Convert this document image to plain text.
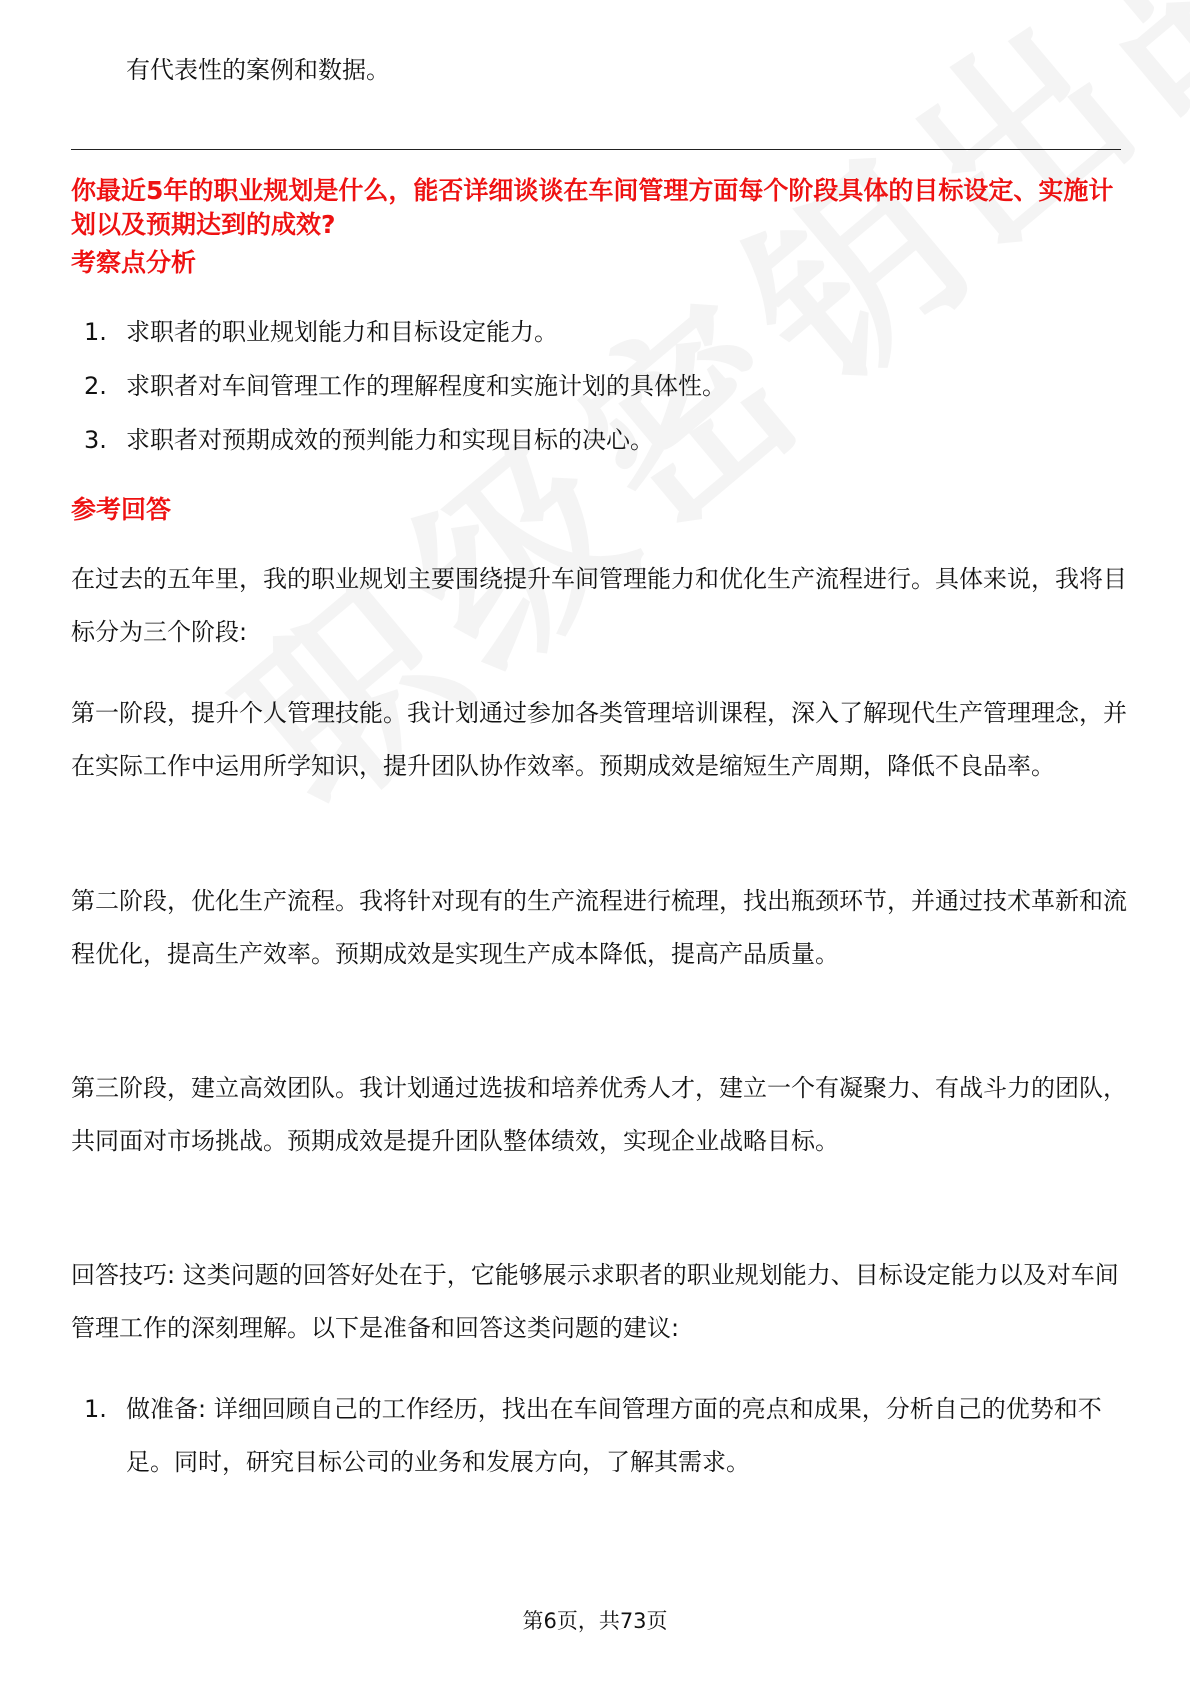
有代表性的案例和数据。
你最近5年的职业规划是什么，能否详细谈谈在车间管理方面每个阶段具体的目标设定、实施计划以及预期达到的成效?
考察点分析
1. 求职者的职业规划能力和目标设定能力。
2. 求职者对车间管理工作的理解程度和实施计划的具体性。
3. 求职者对预期成效的预判能力和实现目标的决心。
参考回答
在过去的五年里，我的职业规划主要围绕提升车间管理能力和优化生产流程进行。具体来说，我将目标分为三个阶段:
第一阶段，提升个人管理技能。我计划通过参加各类管理培训课程，深入了解现代生产管理理念，并在实际工作中运用所学知识，提升团队协作效率。预期成效是缩短生产周期，降低不良品率。
第二阶段，优化生产流程。我将针对现有的生产流程进行梳理，找出瓶颈环节，并通过技术革新和流程优化，提高生产效率。预期成效是实现生产成本降低，提高产品质量。
第三阶段，建立高效团队。我计划通过选拔和培养优秀人才，建立一个有凝聚力、有战斗力的团队，共同面对市场挑战。预期成效是提升团队整体绩效，实现企业战略目标。
回答技巧: 这类问题的回答好处在于，它能够展示求职者的职业规划能力、目标设定能力以及对车间管理工作的深刻理解。以下是准备和回答这类问题的建议:
1. 做准备: 详细回顾自己的工作经历，找出在车间管理方面的亮点和成果，分析自己的优势和不足。同时，研究目标公司的业务和发展方向，了解其需求。
第6页，共73页
